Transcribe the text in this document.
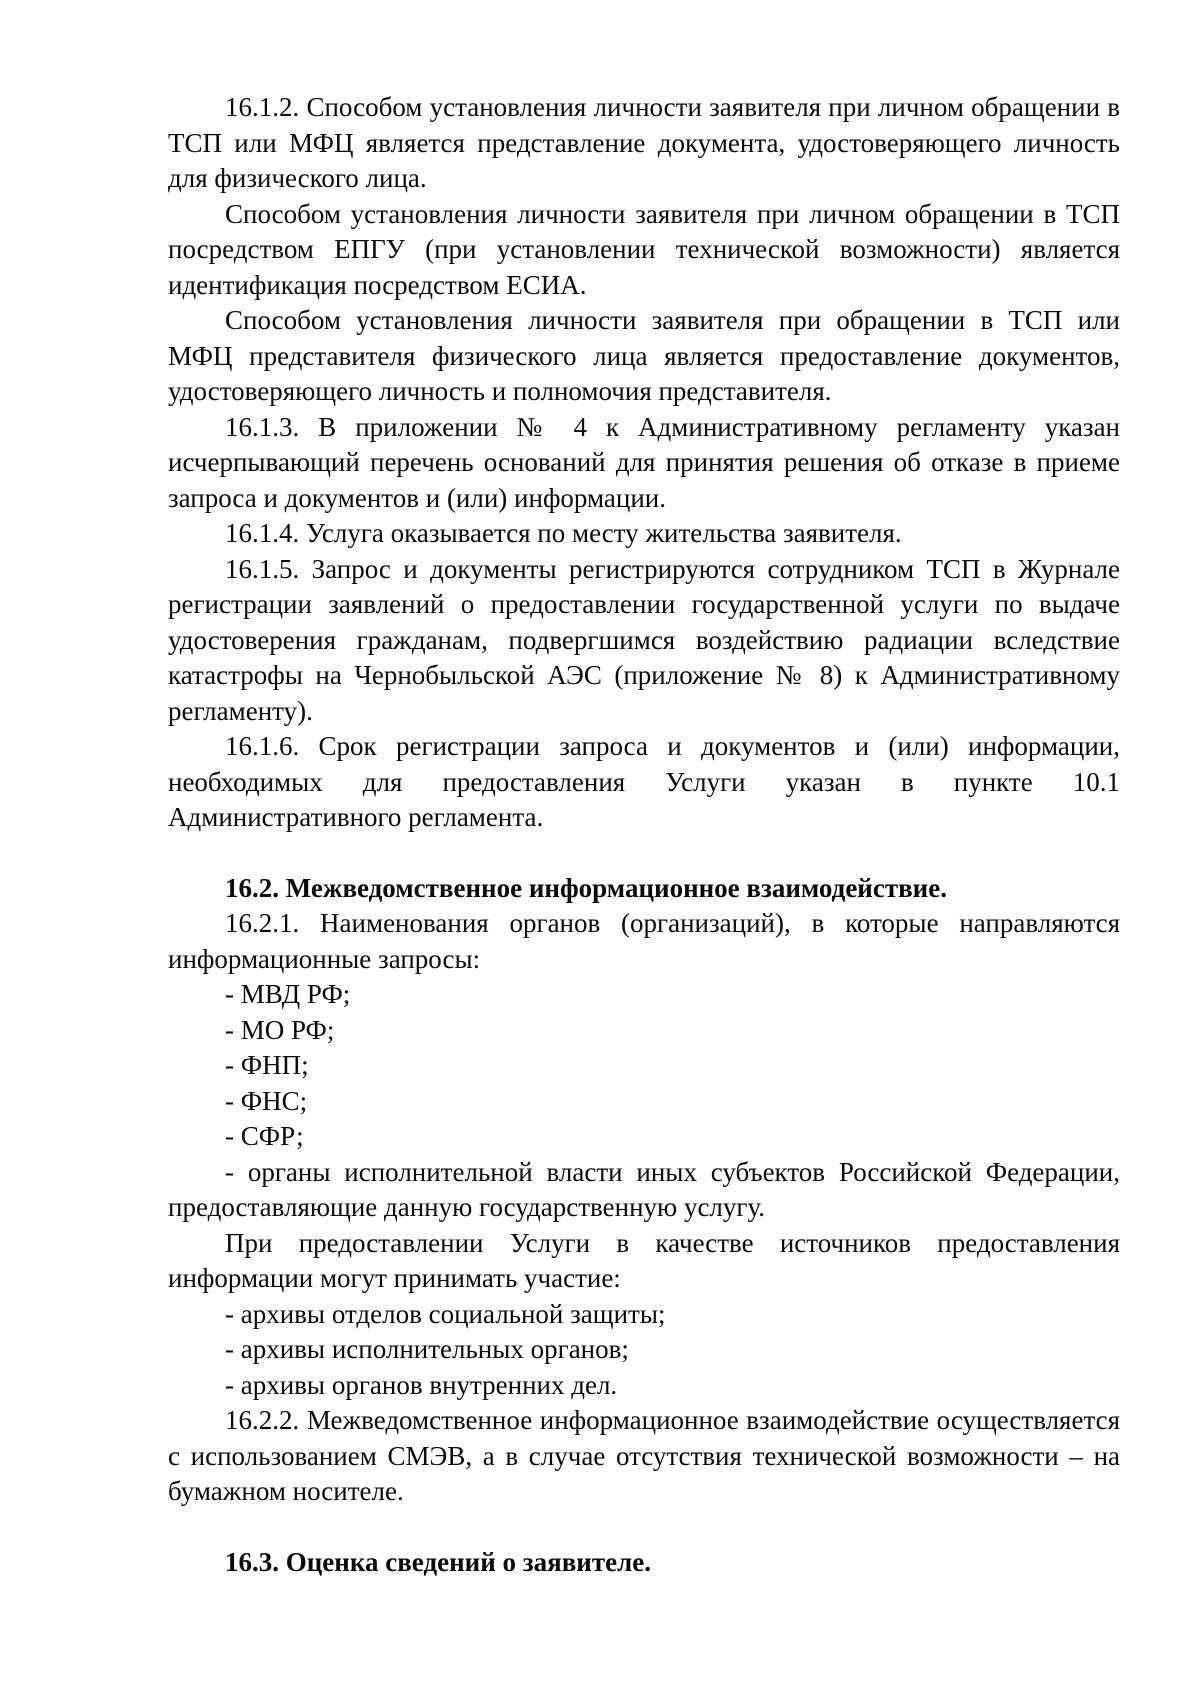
16.1.2. Способом установления личности заявителя при личном обращении в ТСП или МФЦ является представление документа, удостоверяющего личность для физического лица.

Способом установления личности заявителя при личном обращении в ТСП посредством ЕПГУ (при установлении технической возможности) является идентификация посредством ЕСИА.

Способом установления личности заявителя при обращении в ТСП или МФЦ представителя физического лица является предоставление документов, удостоверяющего личность и полномочия представителя.

16.1.3. В приложении № 4 к Административному регламенту указан исчерпывающий перечень оснований для принятия решения об отказе в приеме запроса и документов и (или) информации.

16.1.4. Услуга оказывается по месту жительства заявителя.

16.1.5. Запрос и документы регистрируются сотрудником ТСП в Журнале регистрации заявлений о предоставлении государственной услуги по выдаче удостоверения гражданам, подвергшимся воздействию радиации вследствие катастрофы на Чернобыльской АЭС (приложение № 8) к Административному регламенту).

16.1.6. Срок регистрации запроса и документов и (или) информации, необходимых для предоставления Услуги указан в пункте 10.1 Административного регламента.

16.2. Межведомственное информационное взаимодействие.

16.2.1. Наименования органов (организаций), в которые направляются информационные запросы:

- МВД РФ;

- МО РФ;

- ФНП;

- ФНС;

- СФР;

- органы исполнительной власти иных субъектов Российской Федерации, предоставляющие данную государственную услугу.

При предоставлении Услуги в качестве источников предоставления информации могут принимать участие:

- архивы отделов социальной защиты;

- архивы исполнительных органов;

- архивы органов внутренних дел.

16.2.2. Межведомственное информационное взаимодействие осуществляется с использованием СМЭВ, а в случае отсутствия технической возможности – на бумажном носителе.

16.3. Оценка сведений о заявителе.
